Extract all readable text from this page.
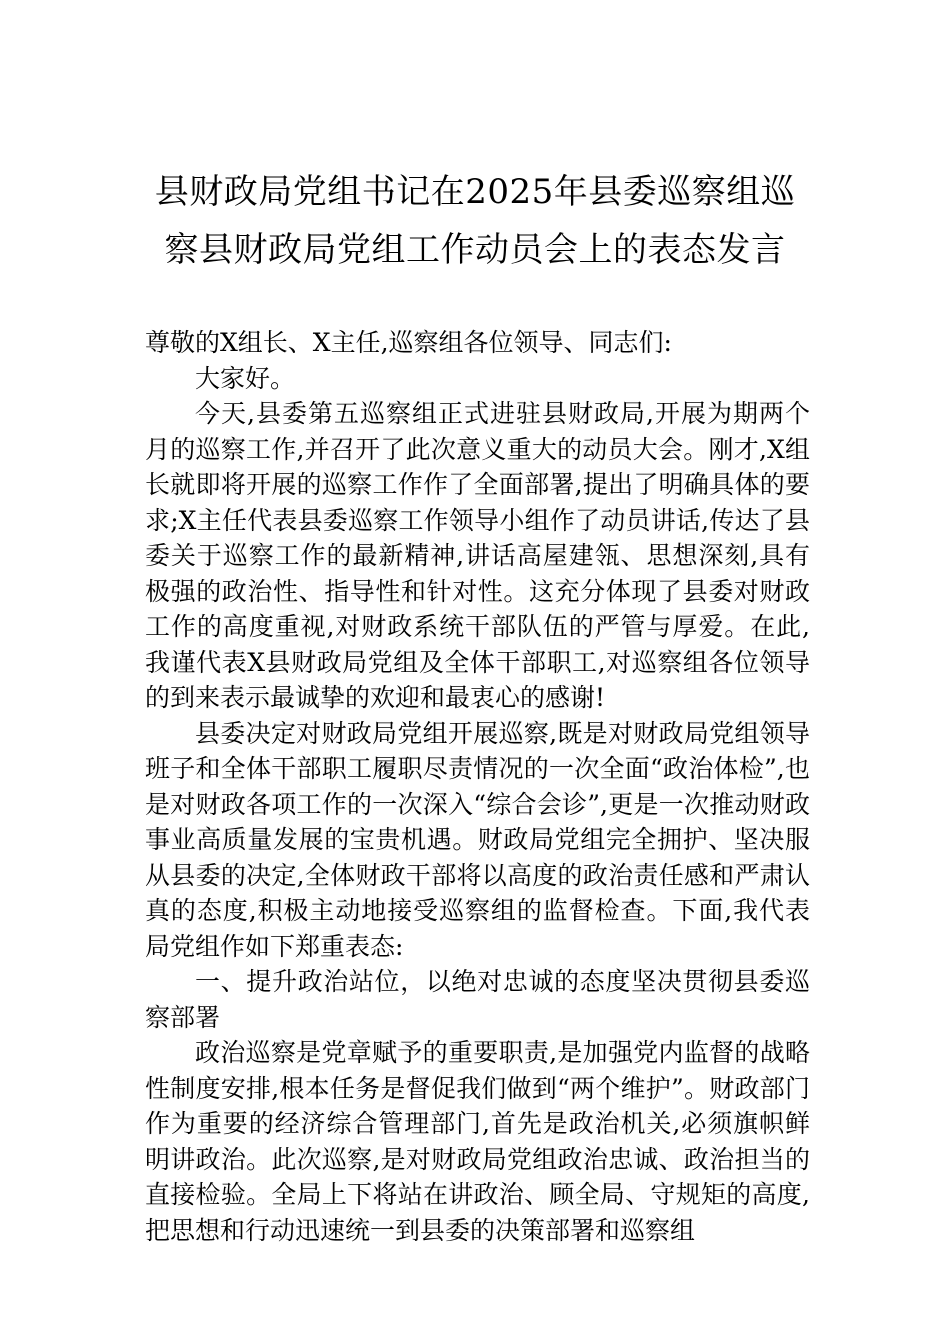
县财政局党组书记在2025年县委巡察组巡
察县财政局党组工作动员会上的表态发言

尊敬的X组长、X主任,巡察组各位领导、同志们:

大家好。

今天,县委第五巡察组正式进驻县财政局,开展为期两个月的巡察工作,并召开了此次意义重大的动员大会。刚才,X组长就即将开展的巡察工作作了全面部署,提出了明确具体的要求;X主任代表县委巡察工作领导小组作了动员讲话,传达了县委关于巡察工作的最新精神,讲话高屋建瓴、思想深刻,具有极强的政治性、指导性和针对性。这充分体现了县委对财政工作的高度重视,对财政系统干部队伍的严管与厚爱。在此,我谨代表X县财政局党组及全体干部职工,对巡察组各位领导的到来表示最诚挚的欢迎和最衷心的感谢!

县委决定对财政局党组开展巡察,既是对财政局党组领导班子和全体干部职工履职尽责情况的一次全面“政治体检”,也是对财政各项工作的一次深入“综合会诊”,更是一次推动财政事业高质量发展的宝贵机遇。财政局党组完全拥护、坚决服从县委的决定,全体财政干部将以高度的政治责任感和严肃认真的态度,积极主动地接受巡察组的监督检查。下面,我代表局党组作如下郑重表态:

一、提升政治站位，以绝对忠诚的态度坚决贯彻县委巡察部署

政治巡察是党章赋予的重要职责,是加强党内监督的战略性制度安排,根本任务是督促我们做到“两个维护”。财政部门作为重要的经济综合管理部门,首先是政治机关,必须旗帜鲜明讲政治。此次巡察,是对财政局党组政治忠诚、政治担当的直接检验。全局上下将站在讲政治、顾全局、守规矩的高度,把思想和行动迅速统一到县委的决策部署和巡察组
